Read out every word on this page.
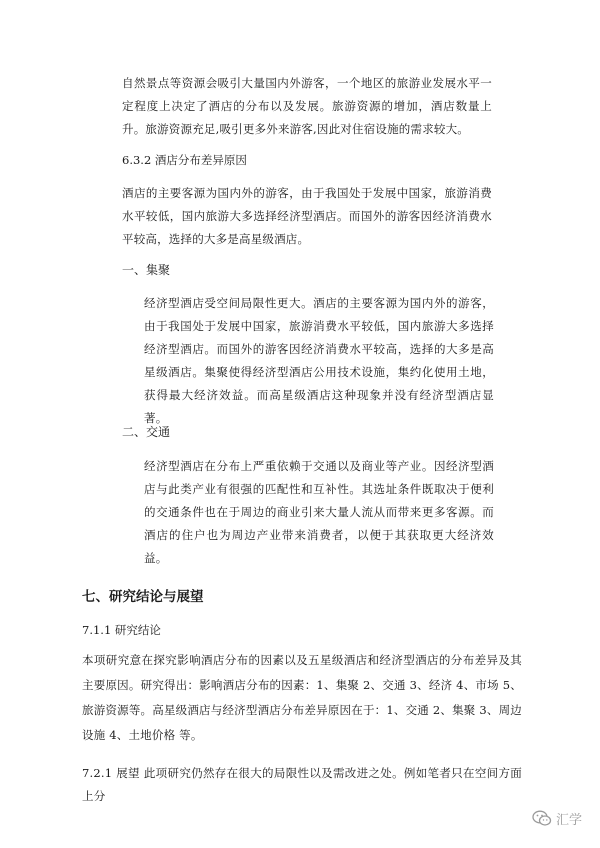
自然景点等资源会吸引大量国内外游客，一个地区的旅游业发展水平一定程度上决定了酒店的分布以及发展。旅游资源的增加，酒店数量上升。旅游资源充足,吸引更多外来游客,因此对住宿设施的需求较大。

6.3.2 酒店分布差异原因

酒店的主要客源为国内外的游客，由于我国处于发展中国家，旅游消费水平较低，国内旅游大多选择经济型酒店。而国外的游客因经济消费水平较高，选择的大多是高星级酒店。

一、集聚

经济型酒店受空间局限性更大。酒店的主要客源为国内外的游客，由于我国处于发展中国家，旅游消费水平较低，国内旅游大多选择经济型酒店。而国外的游客因经济消费水平较高，选择的大多是高星级酒店。集聚使得经济型酒店公用技术设施，集约化使用土地，获得最大经济效益。而高星级酒店这种现象并没有经济型酒店显著。

二、交通

经济型酒店在分布上严重依赖于交通以及商业等产业。因经济型酒店与此类产业有很强的匹配性和互补性。其选址条件既取决于便利的交通条件也在于周边的商业引来大量人流从而带来更多客源。而酒店的住户也为周边产业带来消费者，以便于其获取更大经济效益。

七、研究结论与展望
7.1.1 研究结论

本项研究意在探究影响酒店分布的因素以及五星级酒店和经济型酒店的分布差异及其主要原因。研究得出：影响酒店分布的因素：1、集聚 2、交通 3、经济 4、市场 5、旅游资源等。高星级酒店与经济型酒店分布差异原因在于：1、交通 2、集聚 3、周边设施 4、土地价格 等。

7.2.1 展望 此项研究仍然存在很大的局限性以及需改进之处。例如笔者只在空间方面上分

汇学
